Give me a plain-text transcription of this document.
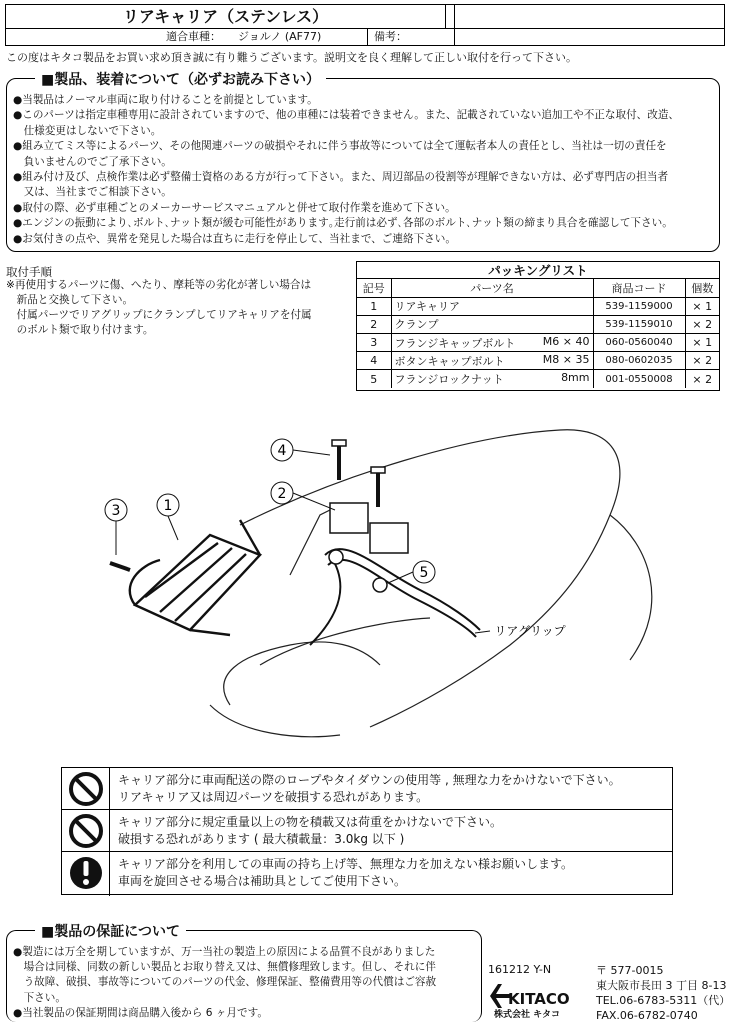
リアキャリア（ステンレス）
適合車種： ジョルノ (AF77)	備考：
この度はキタコ製品をお買い求め頂き誠に有り難うございます。説明文を良く理解して正しい取付を行って下さい。
■製品、装着について（必ずお読み下さい）
●当製品はノーマル車両に取り付けることを前提としています。
●このパーツは指定車種専用に設計されていますので、他の車種には装着できません。また、記載されていない追加工や不正な取付、改造、
　仕様変更はしないで下さい。
●組み立てミス等によるパーツ、その他関連パーツの破損やそれに伴う事故等については全て運転者本人の責任とし、当社は一切の責任を
　負いませんのでご了承下さい。
●組み付け及び、点検作業は必ず整備士資格のある方が行って下さい。また、周辺部品の役割等が理解できない方は、必ず専門店の担当者
　又は、当社までご相談下さい。
●取付の際、必ず車種ごとのメーカーサービスマニュアルと併せて取付作業を進めて下さい。
●エンジンの振動により､ボルト､ナット類が緩む可能性があります｡走行前は必ず､各部のボルト､ナット類の締まり具合を確認して下さい。
●お気付きの点や、異常を発見した場合は直ちに走行を停止して、当社まで、ご連絡下さい。
取付手順
※再使用するパーツに傷、へたり、摩耗等の劣化が著しい場合は
　新品と交換して下さい。
　付属パーツでリアグリップにクランプしてリアキャリアを付属
　のボルト類で取り付けます。
パッキングリスト
記号	パーツ名	商品コード	個数
1	リアキャリア	539-1159000	× 1
2	クランプ	539-1159010	× 2
3	フランジキャップボルト M6 × 40	060-0560040	× 1
4	ボタンキャップボルト M8 × 35	080-0602035	× 2
5	フランジロックナット 8mm	001-0550008	× 2
1
2
3
4
5
リアグリップ
キャリア部分に車両配送の際のロープやタイダウンの使用等 , 無理な力をかけないで下さい。
リアキャリア又は周辺パーツを破損する恐れがあります。
キャリア部分に規定重量以上の物を積載又は荷重をかけないで下さい。
破損する恐れがあります ( 最大積載量：3.0kg 以下 )
キャリア部分を利用しての車両の持ち上げ等、無理な力を加えない様お願いします。
車両を旋回させる場合は補助具としてご使用下さい。
■製品の保証について
●製造には万全を期していますが、万一当社の製造上の原因による品質不良がありました
　場合は同様、同数の新しい製品とお取り替え又は、無償修理致します。但し、それに伴
　う故障、破損、事故等についてのパーツの代金、修理保証、整備費用等の代償はご容赦
　下さい。
●当社製品の保証期間は商品購入後から 6 ヶ月です。
161212 Y-N
KITACO
株式会社 キタコ
〒 577-0015
東大阪市長田 3 丁目 8-13
TEL.06-6783-5311（代）
FAX.06-6782-0740
